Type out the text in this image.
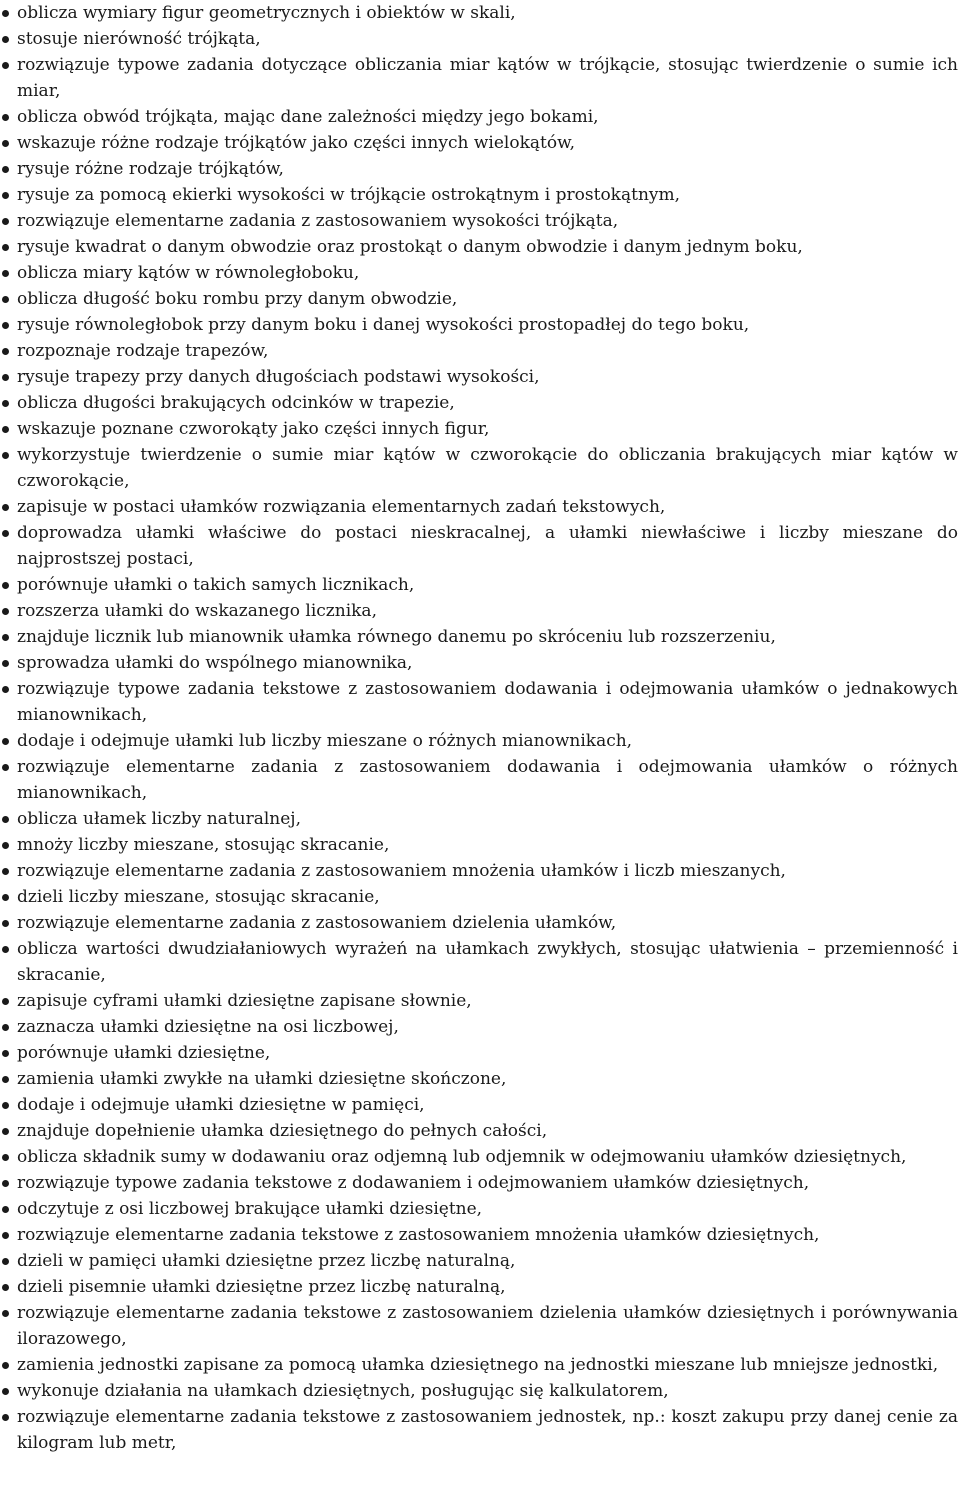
oblicza wymiary figur geometrycznych i obiektów w skali,
stosuje nierówność trójkąta,
rozwiązuje typowe zadania dotyczące obliczania miar kątów w trójkącie, stosując twierdzenie o sumie ich miar,
oblicza obwód trójkąta, mając dane zależności między jego bokami,
wskazuje różne rodzaje trójkątów jako części innych wielokątów,
rysuje różne rodzaje trójkątów,
rysuje za pomocą ekierki wysokości w trójkącie ostrokątnym i prostokątnym,
rozwiązuje elementarne zadania z zastosowaniem wysokości trójkąta,
rysuje kwadrat o danym obwodzie oraz prostokąt o danym obwodzie i danym jednym boku,
oblicza miary kątów w równoległoboku,
oblicza długość boku rombu przy danym obwodzie,
rysuje równoległobok przy danym boku i danej wysokości prostopadłej do tego boku,
rozpoznaje rodzaje trapezów,
rysuje trapezy przy danych długościach podstawi wysokości,
oblicza długości brakujących odcinków w trapezie,
wskazuje poznane czworokąty jako części innych figur,
wykorzystuje twierdzenie o sumie miar kątów w czworokącie do obliczania brakujących miar kątów w czworokącie,
zapisuje w postaci ułamków rozwiązania elementarnych zadań tekstowych,
doprowadza ułamki właściwe do postaci nieskracalnej, a ułamki niewłaściwe i liczby mieszane do najprostszej postaci,
porównuje ułamki o takich samych licznikach,
rozszerza ułamki do wskazanego licznika,
znajduje licznik lub mianownik ułamka równego danemu po skróceniu lub rozszerzeniu,
sprowadza ułamki do wspólnego mianownika,
rozwiązuje typowe zadania tekstowe z zastosowaniem dodawania i odejmowania ułamków o jednakowych mianownikach,
dodaje i odejmuje ułamki lub liczby mieszane o różnych mianownikach,
rozwiązuje elementarne zadania z zastosowaniem dodawania i odejmowania ułamków o różnych mianownikach,
oblicza ułamek liczby naturalnej,
mnoży liczby mieszane, stosując skracanie,
rozwiązuje elementarne zadania z zastosowaniem mnożenia ułamków i liczb mieszanych,
dzieli liczby mieszane, stosując skracanie,
rozwiązuje elementarne zadania z zastosowaniem dzielenia ułamków,
oblicza wartości dwudziałaniowych wyrażeń na ułamkach zwykłych, stosując ułatwienia – przemienność i skracanie,
zapisuje cyframi ułamki dziesiętne zapisane słownie,
zaznacza ułamki dziesiętne na osi liczbowej,
porównuje ułamki dziesiętne,
zamienia ułamki zwykłe na ułamki dziesiętne skończone,
dodaje i odejmuje ułamki dziesiętne w pamięci,
znajduje dopełnienie ułamka dziesiętnego do pełnych całości,
oblicza składnik sumy w dodawaniu oraz odjemną lub odjemnik w odejmowaniu ułamków dziesiętnych,
rozwiązuje typowe zadania tekstowe z dodawaniem i odejmowaniem ułamków dziesiętnych,
odczytuje z osi liczbowej brakujące ułamki dziesiętne,
rozwiązuje elementarne zadania tekstowe z zastosowaniem mnożenia ułamków dziesiętnych,
dzieli w pamięci ułamki dziesiętne przez liczbę naturalną,
dzieli pisemnie ułamki dziesiętne przez liczbę naturalną,
rozwiązuje elementarne zadania tekstowe z zastosowaniem dzielenia ułamków dziesiętnych i porównywania ilorazowego,
zamienia jednostki zapisane za pomocą ułamka dziesiętnego na jednostki mieszane lub mniejsze jednostki,
wykonuje działania na ułamkach dziesiętnych, posługując się kalkulatorem,
rozwiązuje elementarne zadania tekstowe z zastosowaniem jednostek, np.: koszt zakupu przy danej cenie za kilogram lub metr,
